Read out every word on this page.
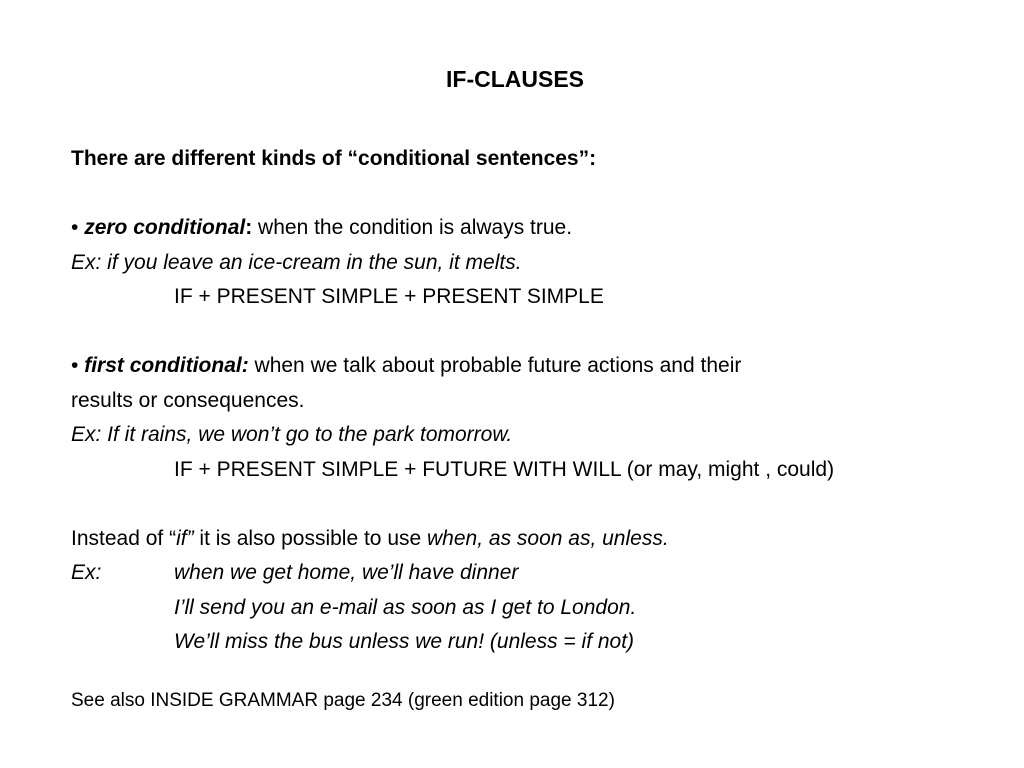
IF-CLAUSES
There are different kinds of “conditional sentences”:
• zero conditional: when the condition is always true.
Ex: if you leave an ice-cream in the sun, it melts.
IF + PRESENT SIMPLE + PRESENT SIMPLE
• first conditional: when we talk about probable future actions and their
results or consequences.
Ex: If it rains, we won’t go to the park tomorrow.
IF + PRESENT SIMPLE + FUTURE WITH WILL (or may, might , could)
Instead of “if” it is also possible to use when, as soon as, unless.
Ex:	when we get home, we’ll have dinner
I’ll send you an e-mail as soon as I get to London.
We’ll miss the bus unless we run! (unless = if not)
See also INSIDE GRAMMAR page 234 (green edition page 312)
